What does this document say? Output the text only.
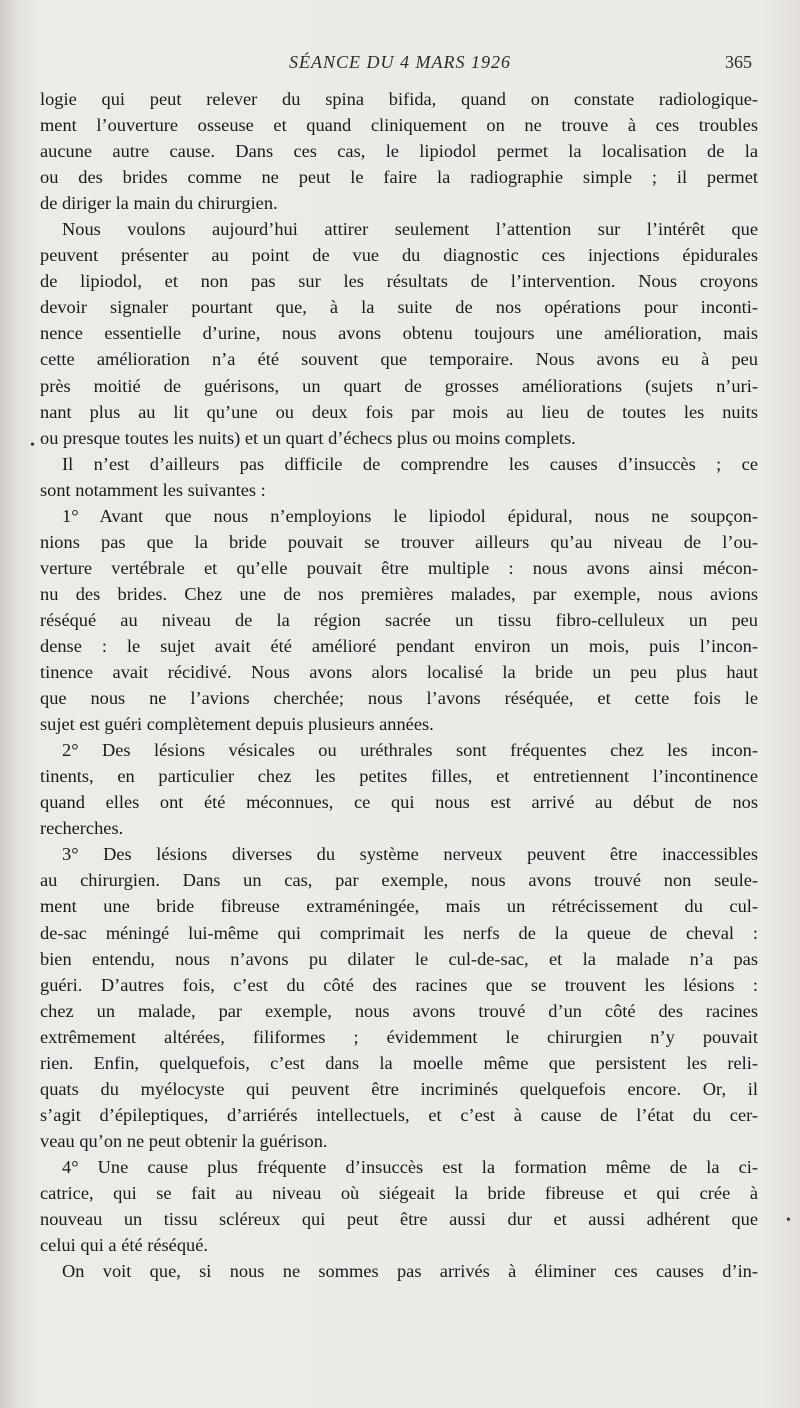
SÉANCE DU 4 MARS 1926	365
•
•
logie qui peut relever du spina bifida, quand on constate radiologique-
ment l’ouverture osseuse et quand cliniquement on ne trouve à ces troubles
aucune autre cause. Dans ces cas, le lipiodol permet la localisation de la
ou des brides comme ne peut le faire la radiographie simple ; il permet
de diriger la main du chirurgien.
Nous voulons aujourd’hui attirer seulement l’attention sur l’intérêt que
peuvent présenter au point de vue du diagnostic ces injections épidurales
de lipiodol, et non pas sur les résultats de l’intervention. Nous croyons
devoir signaler pourtant que, à la suite de nos opérations pour inconti-
nence essentielle d’urine, nous avons obtenu toujours une amélioration, mais
cette amélioration n’a été souvent que temporaire. Nous avons eu à peu
près moitié de guérisons, un quart de grosses améliorations (sujets n’uri-
nant plus au lit qu’une ou deux fois par mois au lieu de toutes les nuits
ou presque toutes les nuits) et un quart d’échecs plus ou moins complets.
Il n’est d’ailleurs pas difficile de comprendre les causes d’insuccès ; ce
sont notamment les suivantes :
1° Avant que nous n’employions le lipiodol épidural, nous ne soupçon-
nions pas que la bride pouvait se trouver ailleurs qu’au niveau de l’ou-
verture vertébrale et qu’elle pouvait être multiple : nous avons ainsi mécon-
nu des brides. Chez une de nos premières malades, par exemple, nous avions
réséqué au niveau de la région sacrée un tissu fibro-celluleux un peu
dense : le sujet avait été amélioré pendant environ un mois, puis l’incon-
tinence avait récidivé. Nous avons alors localisé la bride un peu plus haut
que nous ne l’avions cherchée; nous l’avons réséquée, et cette fois le
sujet est guéri complètement depuis plusieurs années.
2° Des lésions vésicales ou uréthrales sont fréquentes chez les incon-
tinents, en particulier chez les petites filles, et entretiennent l’incontinence
quand elles ont été méconnues, ce qui nous est arrivé au début de nos
recherches.
3° Des lésions diverses du système nerveux peuvent être inaccessibles
au chirurgien. Dans un cas, par exemple, nous avons trouvé non seule-
ment une bride fibreuse extraméningée, mais un rétrécissement du cul-
de-sac méningé lui-même qui comprimait les nerfs de la queue de cheval :
bien entendu, nous n’avons pu dilater le cul-de-sac, et la malade n’a pas
guéri. D’autres fois, c’est du côté des racines que se trouvent les lésions :
chez un malade, par exemple, nous avons trouvé d’un côté des racines
extrêmement altérées, filiformes ; évidemment le chirurgien n’y pouvait
rien. Enfin, quelquefois, c’est dans la moelle même que persistent les reli-
quats du myélocyste qui peuvent être incriminés quelquefois encore. Or, il
s’agit d’épileptiques, d’arriérés intellectuels, et c’est à cause de l’état du cer-
veau qu’on ne peut obtenir la guérison.
4° Une cause plus fréquente d’insuccès est la formation même de la ci-
catrice, qui se fait au niveau où siégeait la bride fibreuse et qui crée à
nouveau un tissu scléreux qui peut être aussi dur et aussi adhérent que
celui qui a été réséqué.
On voit que, si nous ne sommes pas arrivés à éliminer ces causes d’in-
